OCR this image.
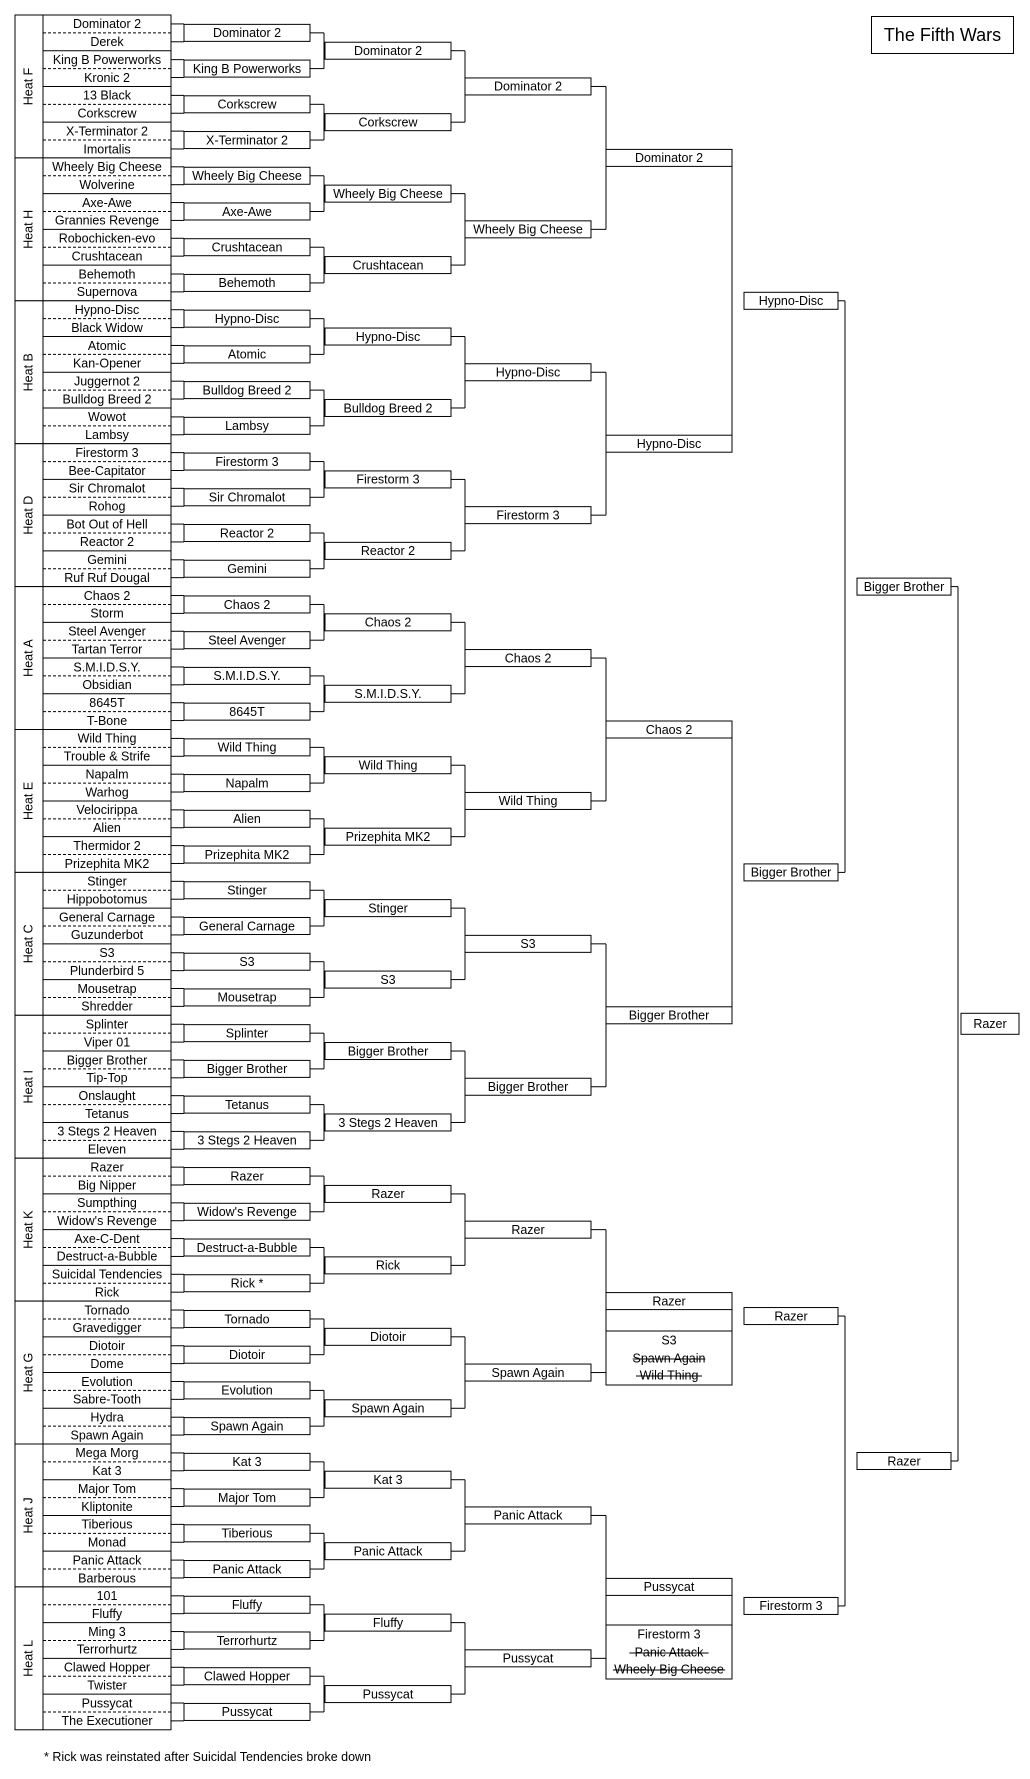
Heat F
Dominator 2
Derek
King B Powerworks
Kronic 2
13 Black
Corkscrew
X-Terminator 2
Imortalis
Dominator 2
King B Powerworks
Corkscrew
X-Terminator 2
Dominator 2
Corkscrew
Dominator 2
Heat H
Wheely Big Cheese
Wolverine
Axe-Awe
Grannies Revenge
Robochicken-evo
Crushtacean
Behemoth
Supernova
Wheely Big Cheese
Axe-Awe
Crushtacean
Behemoth
Wheely Big Cheese
Crushtacean
Wheely Big Cheese
Heat B
Hypno-Disc
Black Widow
Atomic
Kan-Opener
Juggernot 2
Bulldog Breed 2
Wowot
Lambsy
Hypno-Disc
Atomic
Bulldog Breed 2
Lambsy
Hypno-Disc
Bulldog Breed 2
Hypno-Disc
Heat D
Firestorm 3
Bee-Capitator
Sir Chromalot
Rohog
Bot Out of Hell
Reactor 2
Gemini
Ruf Ruf Dougal
Firestorm 3
Sir Chromalot
Reactor 2
Gemini
Firestorm 3
Reactor 2
Firestorm 3
Heat A
Chaos 2
Storm
Steel Avenger
Tartan Terror
S.M.I.D.S.Y.
Obsidian
8645T
T-Bone
Chaos 2
Steel Avenger
S.M.I.D.S.Y.
8645T
Chaos 2
S.M.I.D.S.Y.
Chaos 2
Heat E
Wild Thing
Trouble & Strife
Napalm
Warhog
Velocirippa
Alien
Thermidor 2
Prizephita MK2
Wild Thing
Napalm
Alien
Prizephita MK2
Wild Thing
Prizephita MK2
Wild Thing
Heat C
Stinger
Hippobotomus
General Carnage
Guzunderbot
S3
Plunderbird 5
Mousetrap
Shredder
Stinger
General Carnage
S3
Mousetrap
Stinger
S3
S3
Heat I
Splinter
Viper 01
Bigger Brother
Tip-Top
Onslaught
Tetanus
3 Stegs 2 Heaven
Eleven
Splinter
Bigger Brother
Tetanus
3 Stegs 2 Heaven
Bigger Brother
3 Stegs 2 Heaven
Bigger Brother
Heat K
Razer
Big Nipper
Sumpthing
Widow's Revenge
Axe-C-Dent
Destruct-a-Bubble
Suicidal Tendencies
Rick
Razer
Widow's Revenge
Destruct-a-Bubble
Rick *
Razer
Rick
Razer
Heat G
Tornado
Gravedigger
Diotoir
Dome
Evolution
Sabre-Tooth
Hydra
Spawn Again
Tornado
Diotoir
Evolution
Spawn Again
Diotoir
Spawn Again
Spawn Again
Heat J
Mega Morg
Kat 3
Major Tom
Kliptonite
Tiberious
Monad
Panic Attack
Barberous
Kat 3
Major Tom
Tiberious
Panic Attack
Kat 3
Panic Attack
Panic Attack
Heat L
101
Fluffy
Ming 3
Terrorhurtz
Clawed Hopper
Twister
Pussycat
The Executioner
Fluffy
Terrorhurtz
Clawed Hopper
Pussycat
Fluffy
Pussycat
Pussycat
Dominator 2
Hypno-Disc
Chaos 2
Bigger Brother
Razer
Pussycat
S3
Spawn Again
Wild Thing
Firestorm 3
Panic Attack
Wheely Big Cheese
Hypno-Disc
Bigger Brother
Razer
Firestorm 3
Bigger Brother
Razer
Razer
The Fifth Wars
* Rick was reinstated after Suicidal Tendencies broke down
